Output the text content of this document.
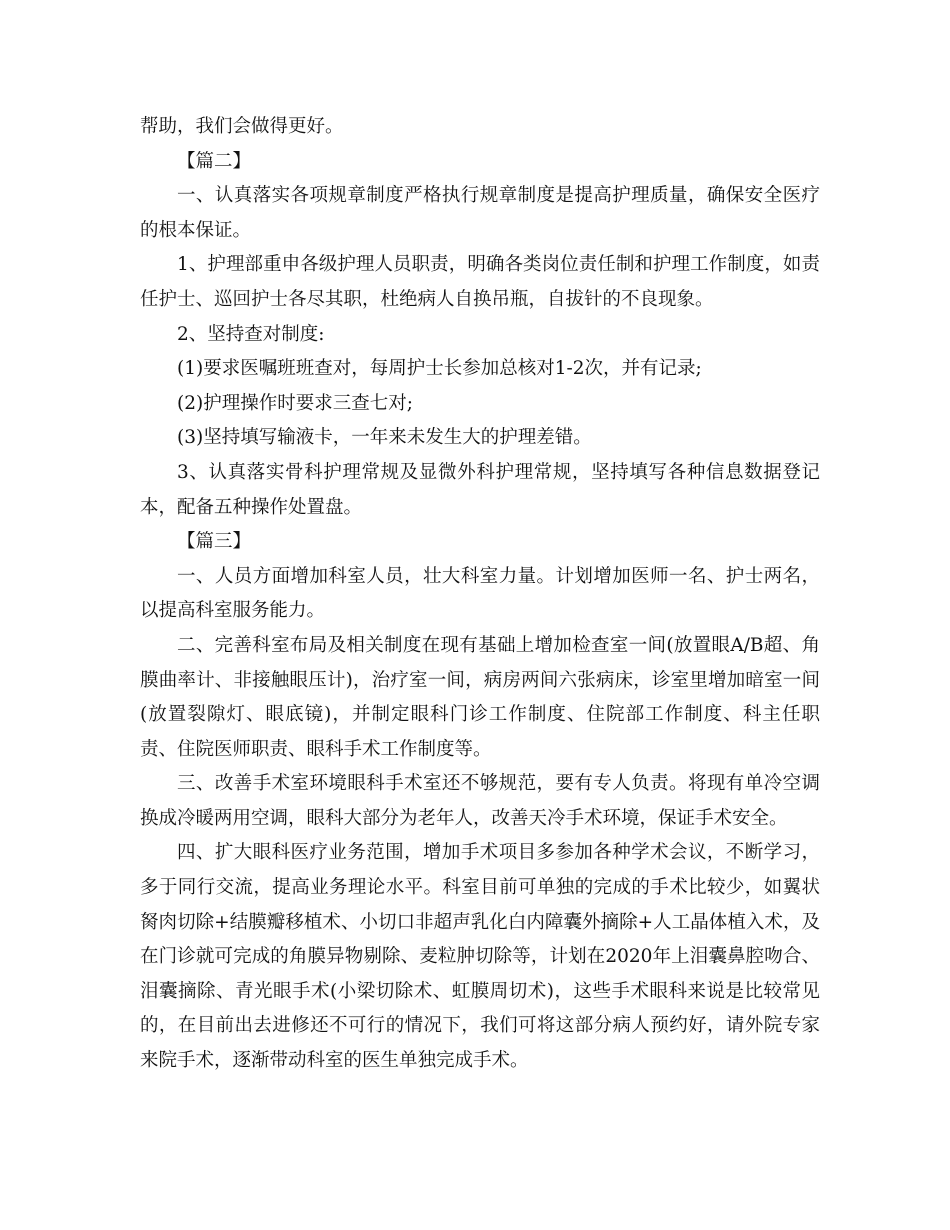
帮助，我们会做得更好。

【篇二】

一、认真落实各项规章制度严格执行规章制度是提高护理质量，确保安全医疗的根本保证。

1、护理部重申各级护理人员职责，明确各类岗位责任制和护理工作制度，如责任护士、巡回护士各尽其职，杜绝病人自换吊瓶，自拔针的不良现象。

2、坚持查对制度:

(1)要求医嘱班班查对，每周护士长参加总核对1-2次，并有记录;

(2)护理操作时要求三查七对;

(3)坚持填写输液卡，一年来未发生大的护理差错。

3、认真落实骨科护理常规及显微外科护理常规，坚持填写各种信息数据登记本，配备五种操作处置盘。

【篇三】

一、人员方面增加科室人员，壮大科室力量。计划增加医师一名、护士两名，以提高科室服务能力。

二、完善科室布局及相关制度在现有基础上增加检查室一间(放置眼A/B超、角膜曲率计、非接触眼压计)，治疗室一间，病房两间六张病床，诊室里增加暗室一间(放置裂隙灯、眼底镜)，并制定眼科门诊工作制度、住院部工作制度、科主任职责、住院医师职责、眼科手术工作制度等。

三、改善手术室环境眼科手术室还不够规范，要有专人负责。将现有单冷空调换成冷暖两用空调，眼科大部分为老年人，改善天冷手术环境，保证手术安全。

四、扩大眼科医疗业务范围，增加手术项目多参加各种学术会议，不断学习，多于同行交流，提高业务理论水平。科室目前可单独的完成的手术比较少，如翼状胬肉切除+结膜瓣移植术、小切口非超声乳化白内障囊外摘除+人工晶体植入术，及在门诊就可完成的角膜异物剔除、麦粒肿切除等，计划在2020年上泪囊鼻腔吻合、泪囊摘除、青光眼手术(小梁切除术、虹膜周切术)，这些手术眼科来说是比较常见的，在目前出去进修还不可行的情况下，我们可将这部分病人预约好，请外院专家来院手术，逐渐带动科室的医生单独完成手术。
